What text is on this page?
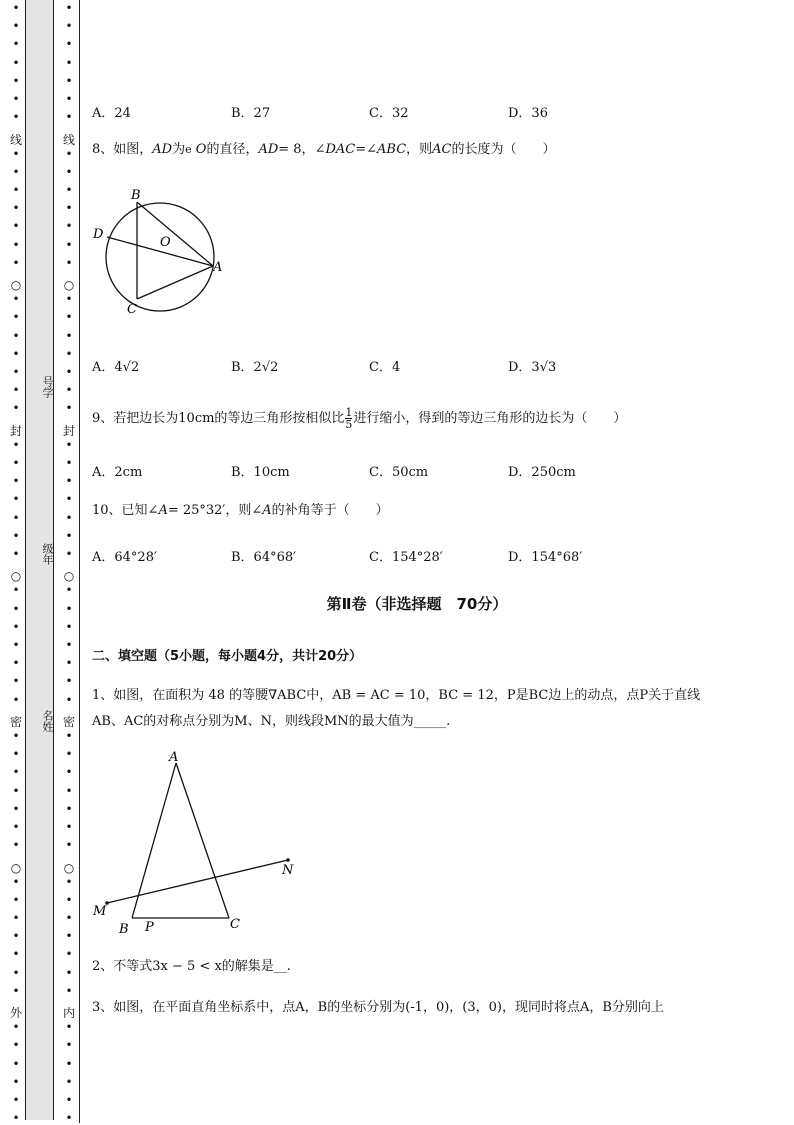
线
○
封
○
密
○
外
•
•
•
•
•
•
•
•
•
•
•
•
•
•
•
•
•
•
•
•
•
•
•
•
•
•
•
•
•
•
•
•
•
•
•
•
•
•
•
•
•
•
•
•
•
•
•
•
•
•
•
•
•
•
•
线
○
封
○
密
○
内
•
•
•
•
•
•
•
•
•
•
•
•
•
•
•
•
•
•
•
•
•
•
•
•
•
•
•
•
•
•
•
•
•
•
•
•
•
•
•
•
•
•
•
•
•
•
•
•
•
•
•
•
•
•
•
号学
级年
名姓
A．24	B．27	C．32	D．36
8、如图，AD为e O的直径，AD= 8，∠DAC=∠ABC，则AC的长度为（　　）
B
D
O
A
C
A．4√2	B．2√2	C．4	D．3√3
9、若把边长为10cm的等边三角形按相似比$\frac{1}{5}$ 进行缩小，得到的等边三角形的边长为（　　）
A．2cm	B．10cm	C．50cm	D．250cm
10、已知∠A= 25°32′，则∠A的补角等于（　　）
A．64°28′	B．64°68′	C．154°28′	D．154°68′
第Ⅱ卷（非选择题　70分）
二、填空题（5小题，每小题4分，共计20分）
1、如图，在面积为 48 的等腰∇ABC中，AB = AC = 10，BC = 12，P是BC边上的动点，点P关于直线
AB、AC的对称点分别为M、N，则线段MN的最大值为_____.
A
B	C
P
M
N
2、不等式3x − 5 < x的解集是__.
3、如图，在平面直角坐标系中，点A，B的坐标分别为(-1，0)，(3，0)，现同时将点A，B分别向上
